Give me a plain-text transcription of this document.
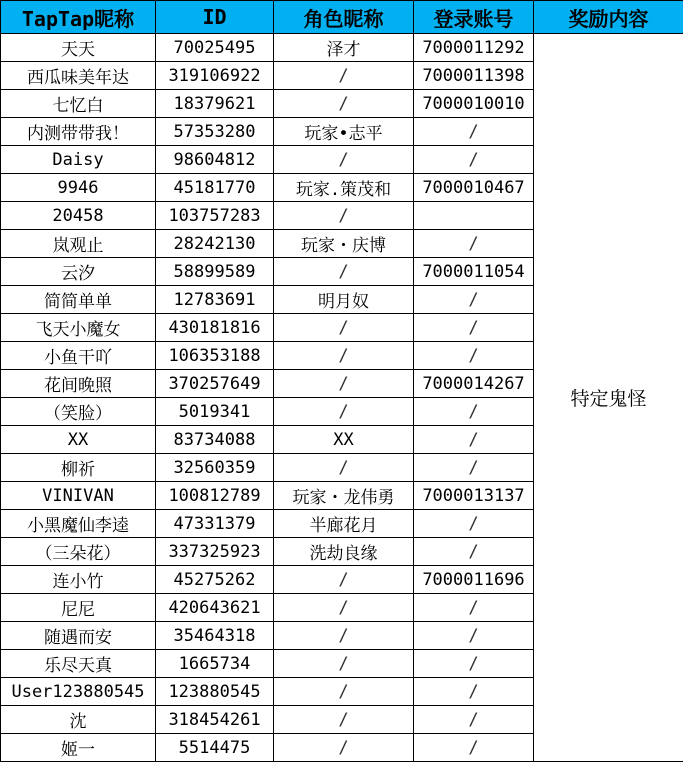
TapTap昵称	ID	角色昵称	登录账号	奖励内容
天天	70025495	泽才	7000011292	特定鬼怪
西瓜味美年达	319106922	/	7000011398	
七忆白	18379621	/	7000010010	
内测带带我！	57353280	玩家•志平	/	
Daisy	98604812	/	/	
9946	45181770	玩家.策茂和	7000010467	
20458	103757283	/		
岚观止	28242130	玩家・庆博	/	
云汐	58899589	/	7000011054	
简简单单	12783691	明月奴	/	
飞天小魔女	430181816	/	/	
小鱼干吖	106353188	/	/	
花间晚照	370257649	/	7000014267	
（笑脸）	5019341	/	/	
XX	83734088	XX	/	
柳祈	32560359	/	/	
VINIVAN	100812789	玩家・龙伟勇	7000013137	
小黑魔仙李逵	47331379	半廊花月	/	
（三朵花）	337325923	洗劫良缘	/	
连小竹	45275262	/	7000011696	
尼尼	420643621	/	/	
随遇而安	35464318	/	/	
乐尽天真	1665734	/	/	
User123880545	123880545	/	/	
沈	318454261	/	/	
姬一	5514475	/	/	
